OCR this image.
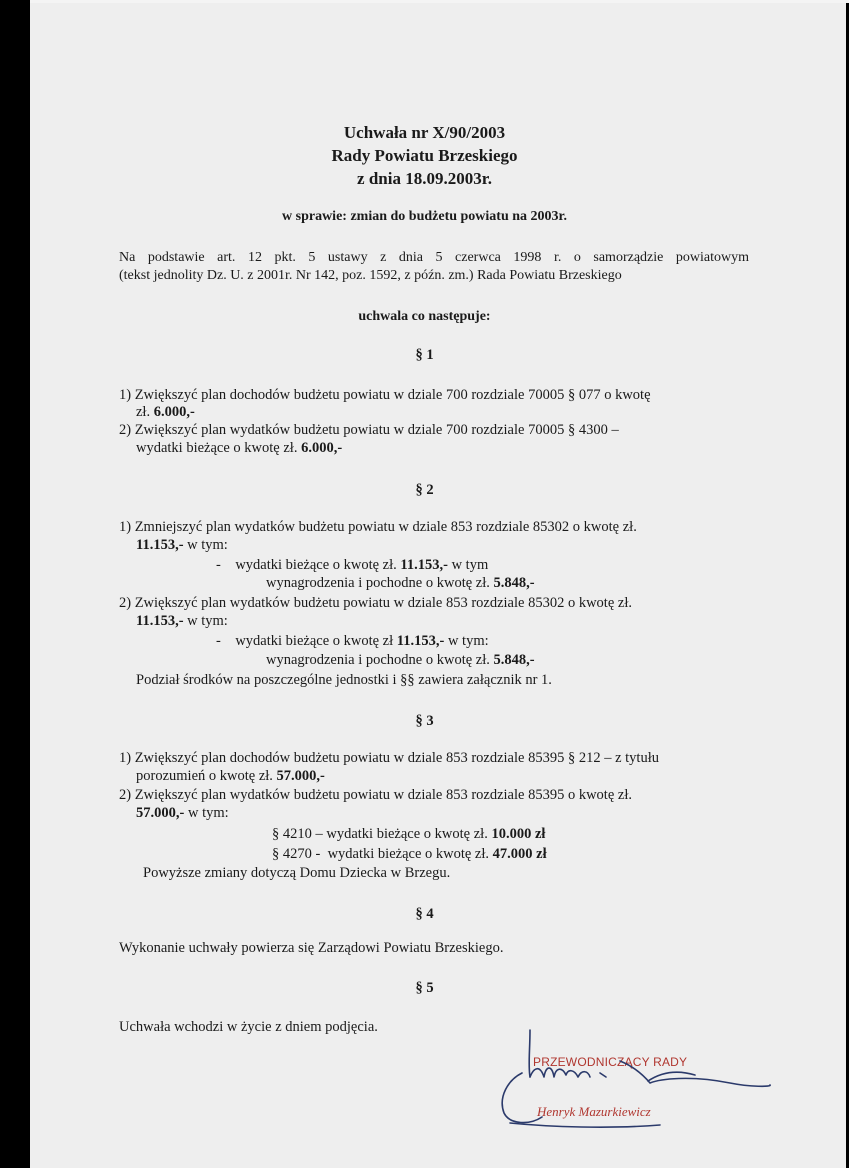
Uchwała nr X/90/2003
Rady Powiatu Brzeskiego
z dnia 18.09.2003r.
w sprawie: zmian do budżetu powiatu na 2003r.
Na podstawie art. 12 pkt. 5 ustawy z dnia 5 czerwca 1998 r. o samorządzie powiatowym
(tekst jednolity Dz. U. z 2001r. Nr 142, poz. 1592, z późn. zm.) Rada Powiatu Brzeskiego
uchwala co następuje:
§ 1
1) Zwiększyć plan dochodów budżetu powiatu w dziale 700 rozdziale 70005 § 077 o kwotę
zł. 6.000,-
2) Zwiększyć plan wydatków budżetu powiatu w dziale 700 rozdziale 70005 § 4300 –
wydatki bieżące o kwotę zł. 6.000,-
§ 2
1) Zmniejszyć plan wydatków budżetu powiatu w dziale 853 rozdziale 85302 o kwotę zł.
11.153,- w tym:
-    wydatki bieżące o kwotę zł. 11.153,- w tym
wynagrodzenia i pochodne o kwotę zł. 5.848,-
2) Zwiększyć plan wydatków budżetu powiatu w dziale 853 rozdziale 85302 o kwotę zł.
11.153,- w tym:
-    wydatki bieżące o kwotę zł 11.153,- w tym:
wynagrodzenia i pochodne o kwotę zł. 5.848,-
Podział środków na poszczególne jednostki i §§ zawiera załącznik nr 1.
§ 3
1) Zwiększyć plan dochodów budżetu powiatu w dziale 853 rozdziale 85395 § 212 – z tytułu
porozumień o kwotę zł. 57.000,-
2) Zwiększyć plan wydatków budżetu powiatu w dziale 853 rozdziale 85395 o kwotę zł.
57.000,- w tym:
§ 4210 – wydatki bieżące o kwotę zł. 10.000 zł
§ 4270 -  wydatki bieżące o kwotę zł. 47.000 zł
Powyższe zmiany dotyczą Domu Dziecka w Brzegu.
§ 4
Wykonanie uchwały powierza się Zarządowi Powiatu Brzeskiego.
§ 5
Uchwała wchodzi w życie z dniem podjęcia.
PRZEWODNICZĄCY RADY
Henryk Mazurkiewicz
